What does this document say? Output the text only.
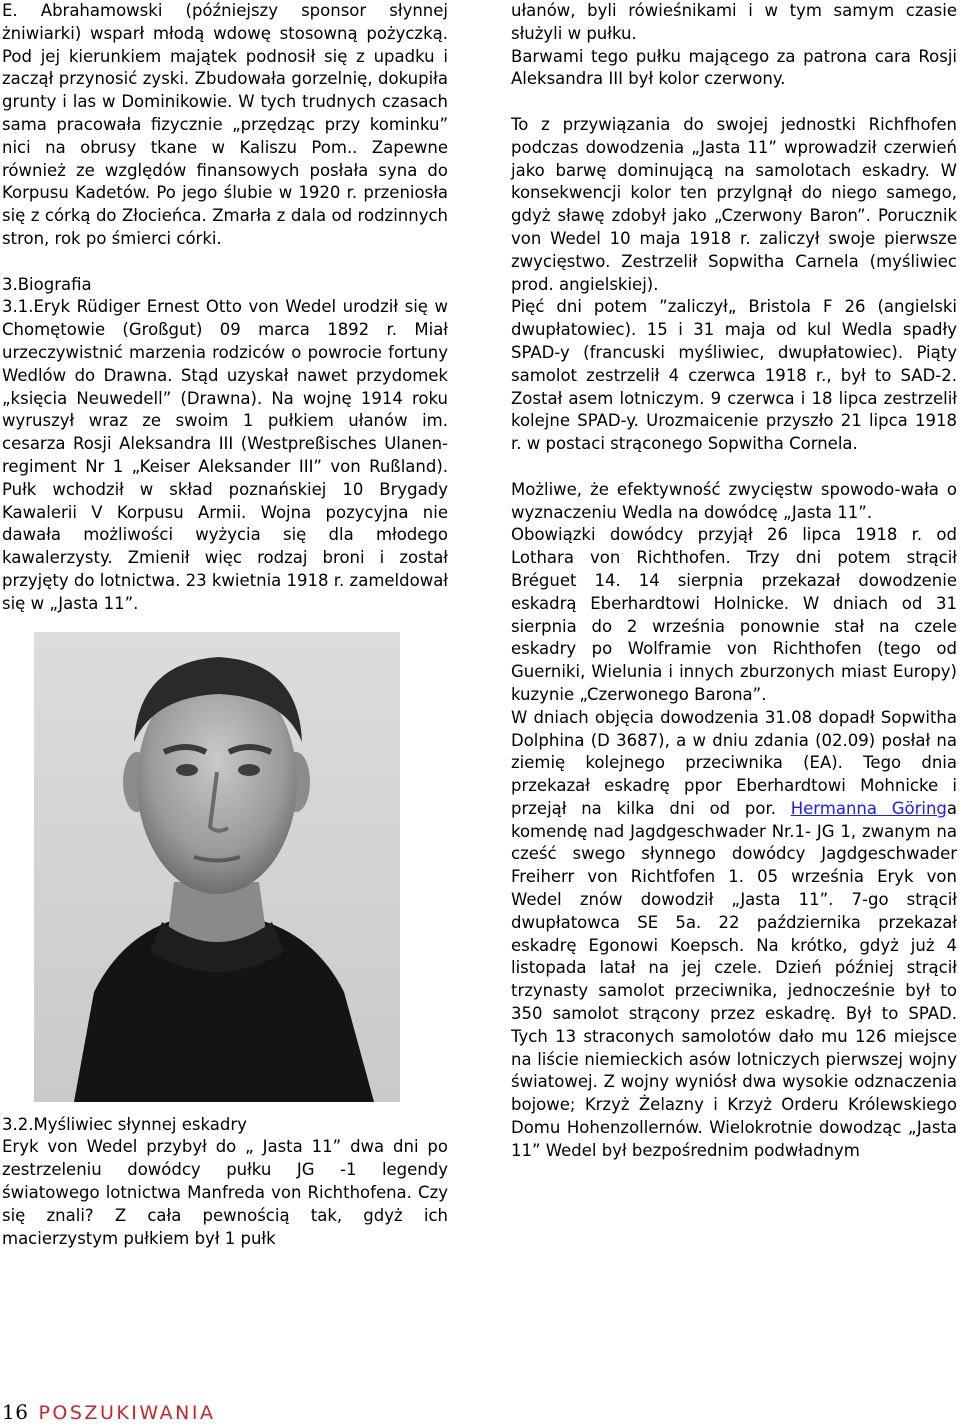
E. Abrahamowski (późniejszy sponsor słynnej żniwiarki) wsparł młodą wdowę stosowną pożyczką. Pod jej kierunkiem majątek podnosił się z upadku i zaczął przynosić zyski. Zbudowała gorzelnię, dokupiła grunty i las w Dominikowie. W tych trudnych czasach sama pracowała fizycznie „przędząc przy kominku” nici na obrusy tkane w Kaliszu Pom.. Zapewne również ze względów finansowych posłała syna do Korpusu Kadetów. Po jego ślubie w 1920 r. przeniosła się z córką do Złocieńca. Zmarła z dala od rodzinnych stron, rok po śmierci córki.

3.Biografia

3.1.Eryk Rüdiger Ernest Otto von Wedel urodził się w Chomętowie (Großgut) 09 marca 1892 r. Miał urzeczywistnić marzenia rodziców o powrocie fortuny Wedlów do Drawna. Stąd uzyskał nawet przydomek „księcia Neuwedell” (Drawna). Na wojnę 1914 roku wyruszył wraz ze swoim 1 pułkiem ułanów im. cesarza Rosji Aleksandra III (Westpreßisches Ulanen-regiment Nr 1 „Keiser Aleksander III” von Rußland). Pułk wchodził w skład poznańskiej 10 Brygady Kawalerii V Korpusu Armii. Wojna pozycyjna nie dawała możliwości wyżycia się dla młodego kawalerzysty. Zmienił więc rodzaj broni i został przyjęty do lotnictwa. 23 kwietnia 1918 r. zameldował się w „Jasta 11”.

3.2.Myśliwiec słynnej eskadry

Eryk von Wedel przybył do „ Jasta 11” dwa dni po zestrzeleniu dowódcy pułku JG -1 legendy światowego lotnictwa Manfreda von Richthofena. Czy się znali? Z cała pewnością tak, gdyż ich macierzystym pułkiem był 1 pułk

ułanów, byli rówieśnikami i w tym samym czasie służyli w pułku.

Barwami tego pułku mającego za patrona cara Rosji Aleksandra III był kolor czerwony.

To z przywiązania do swojej jednostki Richfhofen podczas dowodzenia „Jasta 11” wprowadził czerwień jako barwę dominującą na samolotach eskadry. W konsekwencji kolor ten przylgnął do niego samego, gdyż sławę zdobył jako „Czerwony Baron”. Porucznik von Wedel 10 maja 1918 r. zaliczył swoje pierwsze zwycięstwo. Zestrzelił Sopwitha Carnela (myśliwiec prod. angielskiej).

Pięć dni potem ”zaliczył„ Bristola F 26 (angielski dwupłatowiec). 15 i 31 maja od kul Wedla spadły SPAD-y (francuski myśliwiec, dwupłatowiec). Piąty samolot zestrzelił 4 czerwca 1918 r., był to SAD-2. Został asem lotniczym. 9 czerwca i 18 lipca zestrzelił kolejne SPAD-y. Urozmaicenie przyszło 21 lipca 1918 r. w postaci strąconego Sopwitha Cornela.

Możliwe, że efektywność zwycięstw spowodo-wała o wyznaczeniu Wedla na dowódcę „Jasta 11”.

Obowiązki dowódcy przyjął 26 lipca 1918 r. od Lothara von Richthofen. Trzy dni potem strącił Bréguet 14. 14 sierpnia przekazał dowodzenie eskadrą Eberhardtowi Holnicke. W dniach od 31 sierpnia do 2 września ponownie stał na czele eskadry po Wolframie von Richthofen (tego od Guerniki, Wielunia i innych zburzonych miast Europy) kuzynie „Czerwonego Barona”.

W dniach objęcia dowodzenia 31.08 dopadł Sopwitha Dolphina (D 3687), a w dniu zdania (02.09) posłał na ziemię kolejnego przeciwnika (EA). Tego dnia przekazał eskadrę ppor Eberhardtowi Mohnicke i przejął na kilka dni od por. Hermanna Göringa komendę nad Jagdgeschwader Nr.1- JG 1, zwanym na cześć swego słynnego dowódcy Jagdgeschwader Freiherr von Richtfofen 1. 05 września Eryk von Wedel znów dowodził „Jasta 11”. 7-go strącił dwupłatowca SE 5a. 22 października przekazał eskadrę Egonowi Koepsch. Na krótko, gdyż już 4 listopada latał na jej czele. Dzień później strącił trzynasty samolot przeciwnika, jednocześnie był to 350 samolot strącony przez eskadrę. Był to SPAD. Tych 13 straconych samolotów dało mu 126 miejsce na liście niemieckich asów lotniczych pierwszej wojny światowej. Z wojny wyniósł dwa wysokie odznaczenia bojowe; Krzyż Żelazny i Krzyż Orderu Królewskiego Domu Hohenzollernów. Wielokrotnie dowodząc „Jasta 11” Wedel był bezpośrednim podwładnym

16 POSZUKIWANIA
